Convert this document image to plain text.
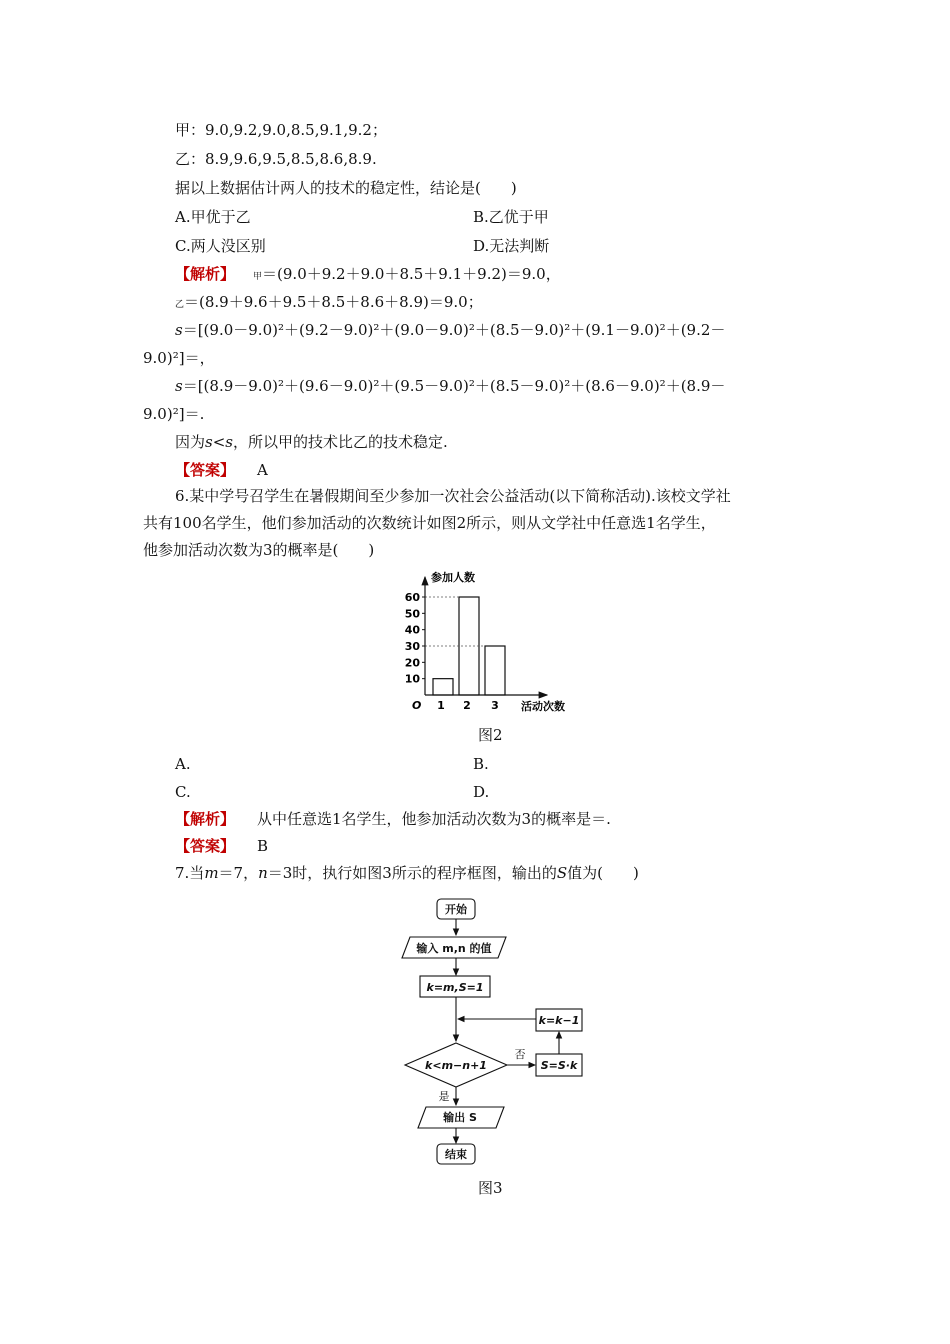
甲：9.0,9.2,9.0,8.5,9.1,9.2；
乙：8.9,9.6,9.5,8.5,8.6,8.9.
据以上数据估计两人的技术的稳定性，结论是(　　)
A.甲优于乙	B.乙优于甲
C.两人没区别	D.无法判断
【解析】 甲＝(9.0＋9.2＋9.0＋8.5＋9.1＋9.2)＝9.0，
乙＝(8.9＋9.6＋9.5＋8.5＋8.6＋8.9)＝9.0；
s＝[(9.0－9.0)²＋(9.2－9.0)²＋(9.0－9.0)²＋(8.5－9.0)²＋(9.1－9.0)²＋(9.2－
9.0)²]＝，
s＝[(8.9－9.0)²＋(9.6－9.0)²＋(9.5－9.0)²＋(8.5－9.0)²＋(8.6－9.0)²＋(8.9－
9.0)²]＝.
因为s<s，所以甲的技术比乙的技术稳定.
【答案】 A
6.某中学号召学生在暑假期间至少参加一次社会公益活动(以下简称活动).该校文学社
共有100名学生，他们参加活动的次数统计如图2所示，则从文学社中任意选1名学生，
他参加活动次数为3的概率是(　　)
10
20
30
40
50
60
1 2 3
参加人数
活动次数
O
图2
A.	B.
C.	D.
【解析】 从中任意选1名学生，他参加活动次数为3的概率是＝.
【答案】 B
7.当m＝7，n＝3时，执行如图3所示的程序框图，输出的S值为(　　)
开始
输入 m,n 的值
k=m,S=1
k<m−n+1	S=S·k
k=k−1
否
是
输出 S
结束
图3
